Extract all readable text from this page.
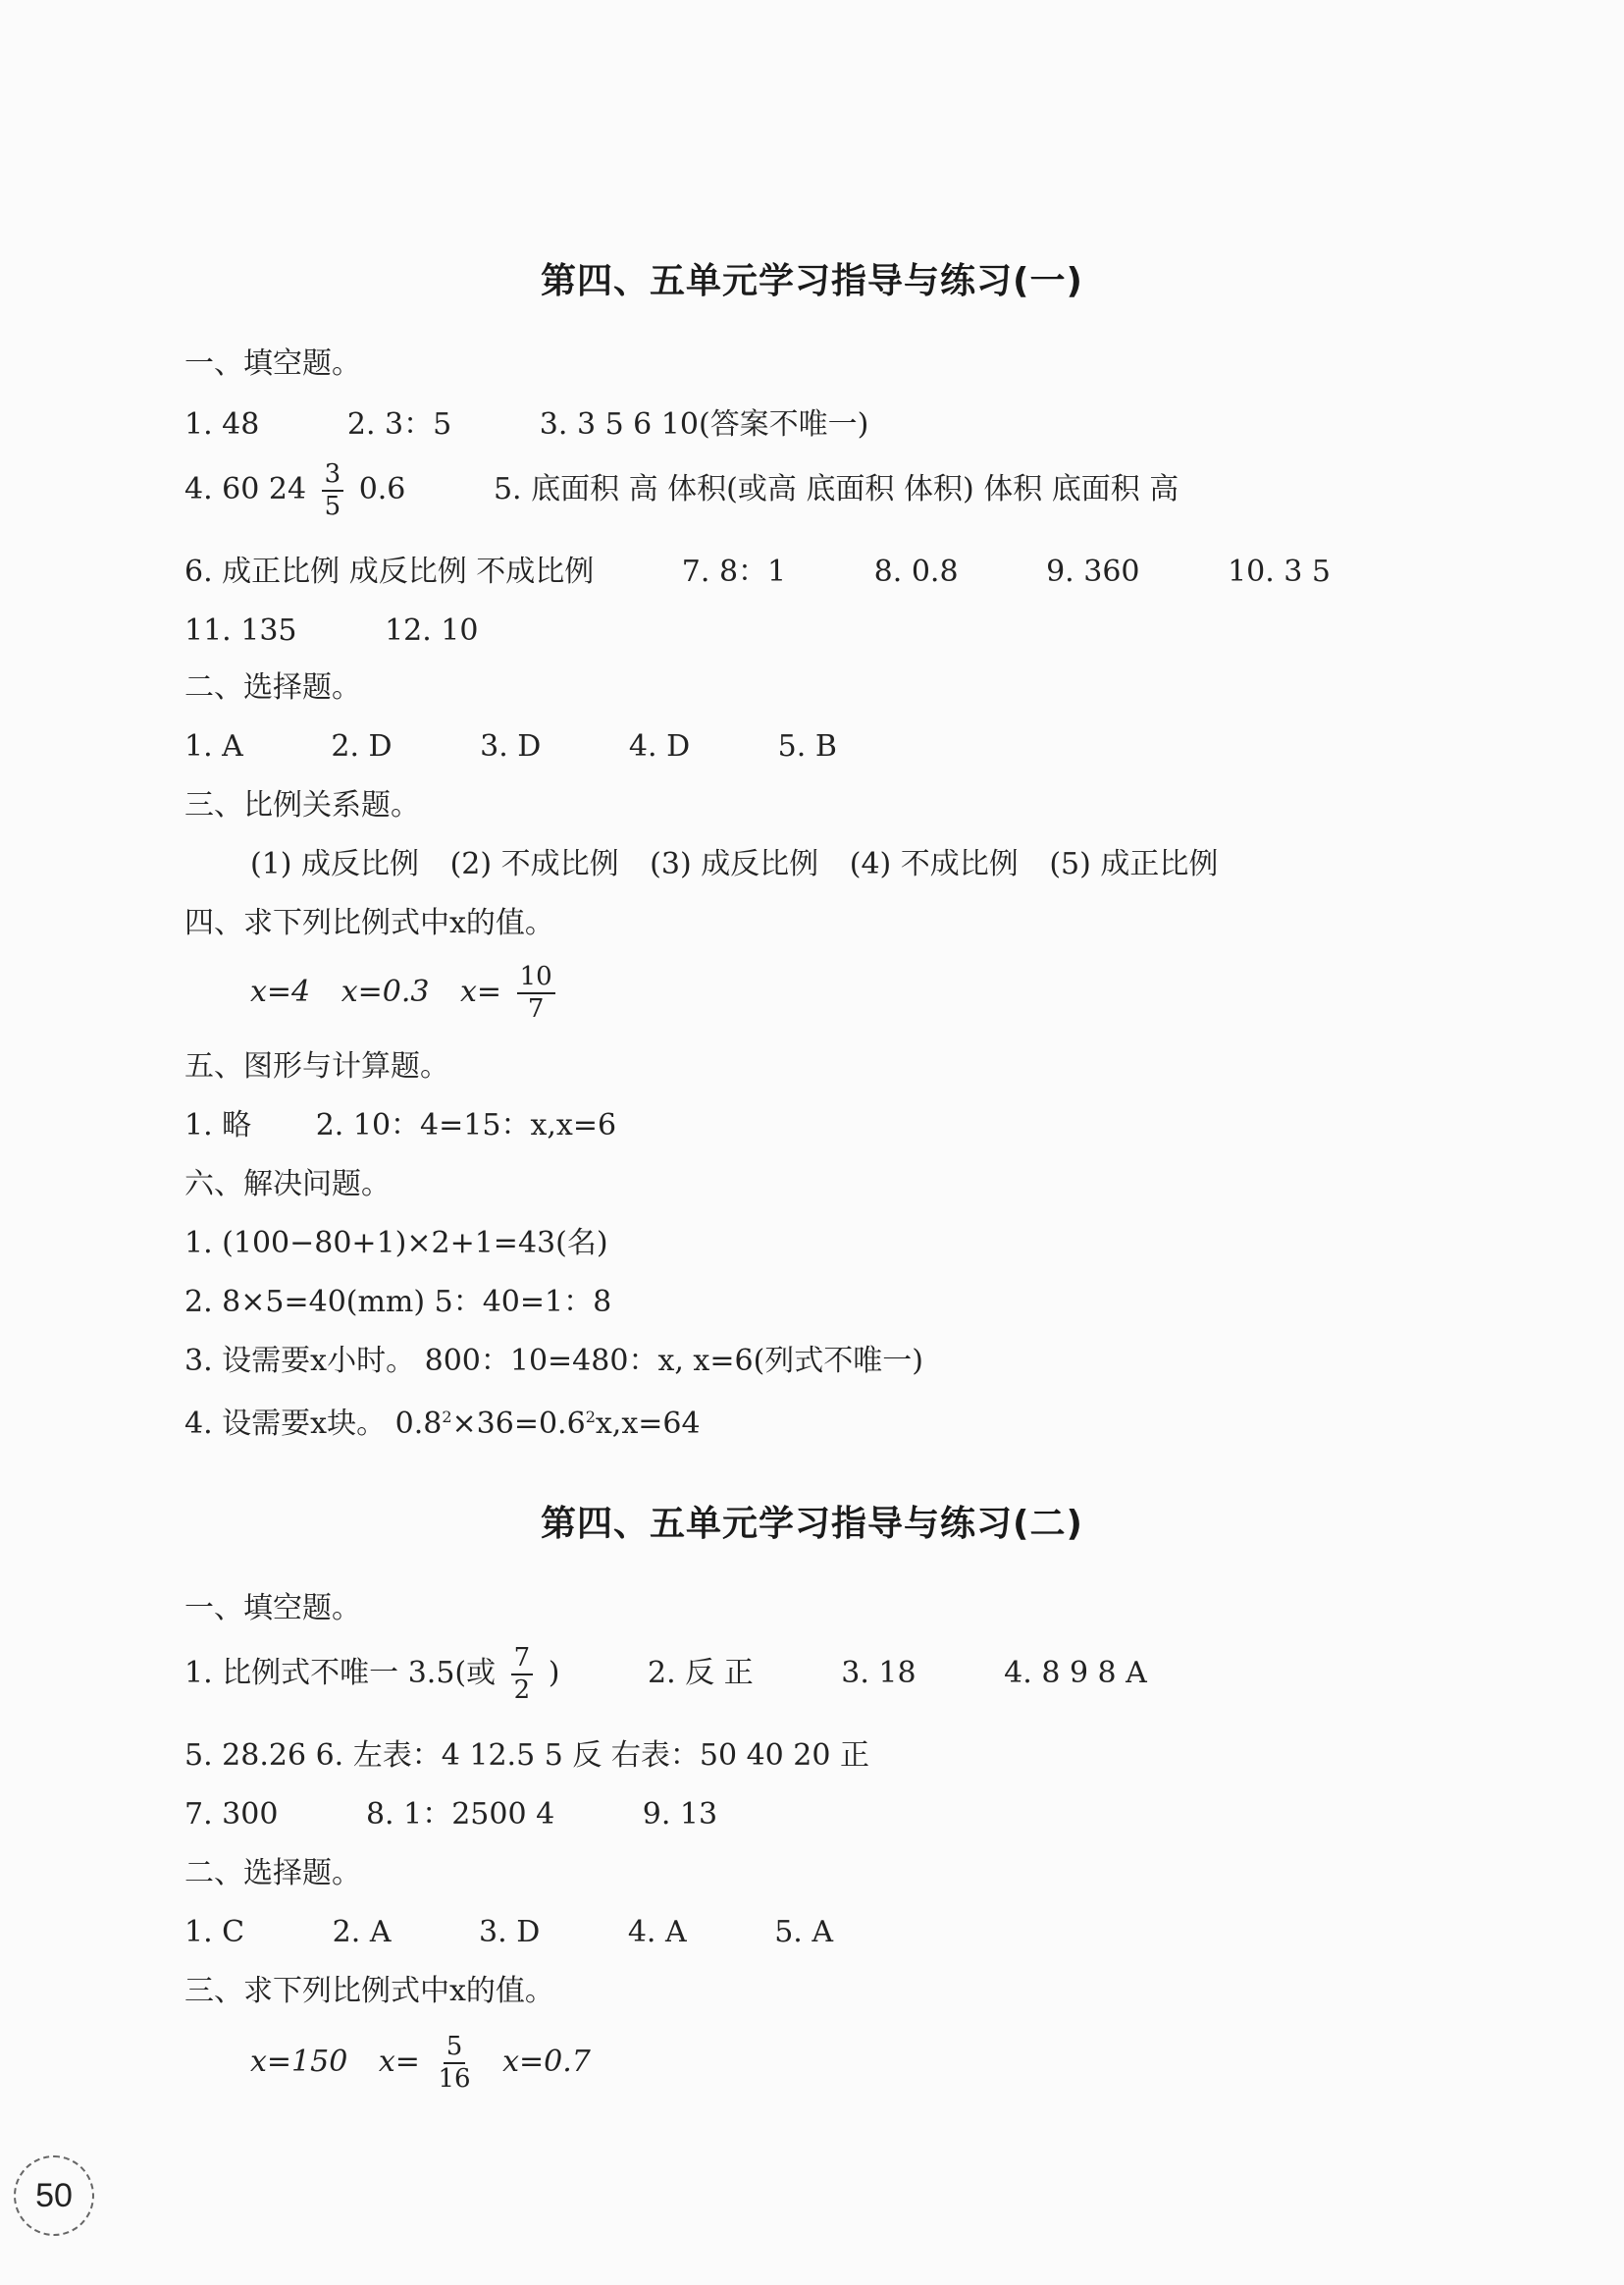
第四、五单元学习指导与练习(一)
一、填空题。
1. 48	2. 3：5	3. 3 5 6 10(答案不唯一)
4. 60 $24 \frac{3}{5} 0.6$	5. 底面积 高 体积(或高 底面积 体积) 体积 底面积 高
6. 成正比例 成反比例 不成比例	7. 8：1	8. 0.8	9. 360	10. 3 5
11. 135	12. 10
二、选择题。
1. A	2. D	3. D	4. D	5. B
三、比例关系题。
(1) 成反比例 (2) 不成比例 (3) 成反比例 (4) 不成比例 (5) 成正比例
四、求下列比例式中x的值。
x=4 x=0.3 $x= \frac{10}{7}$
五、图形与计算题。
1. 略 2. 10：4=15：x,x=6
六、解决问题。
1. (100−80+1)×2+1=43(名)
2. 8×5=40(mm) 5：40=1：8
3. 设需要x小时。 800：10=480：x, x=6(列式不唯一)
4. 设需要x块。 $0.8^2\times 36=0.6^2x,x=64$
第四、五单元学习指导与练习(二)
一、填空题。
1. 比例式不唯一 3.5(或 $\frac{7}{2}$ )	2. 反 正	3. 18	4. 8 9 8 A
5. 28.26 6. 左表：4 12.5 5 反 右表：50 40 20 正
7. 300	8. 1：2500 4	9. 13
二、选择题。
1. C	2. A	3. D	4. A	5. A
三、求下列比例式中x的值。
x=150 $x= \frac{5}{16} x=0.7$
50
